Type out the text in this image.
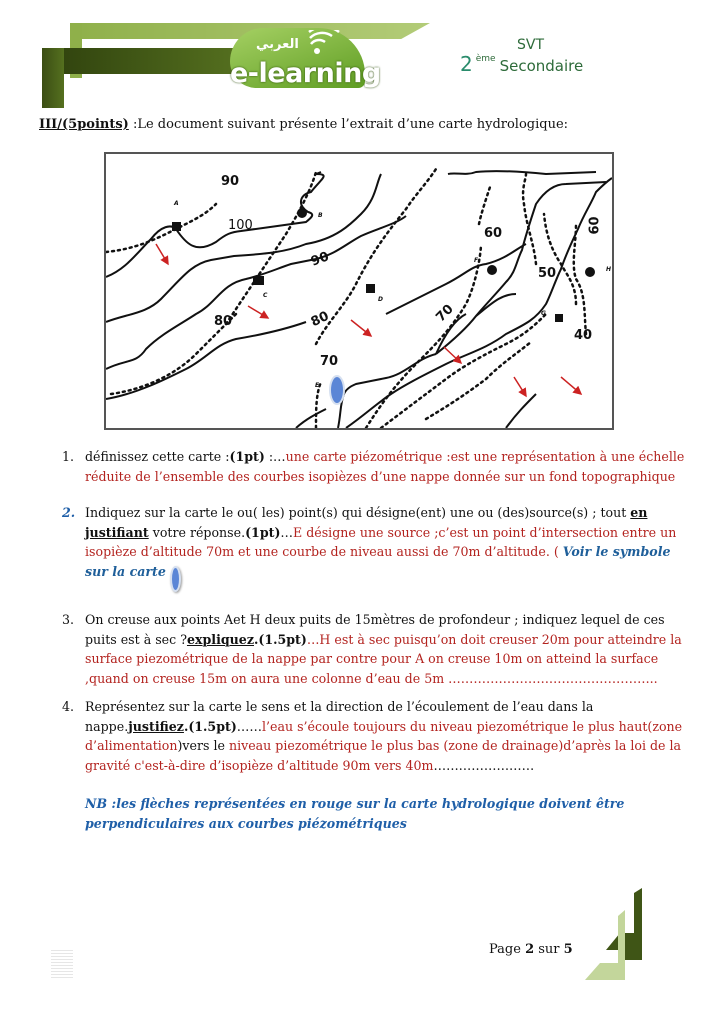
العربي
e-learning
SVT
2 $^{ème}$ Secondaire
III/(5points) :Le document suivant présente l’extrait d’une carte hydrologique:
90
100
90
80	80
70
70
60
50
60
40
A
B
C
D
E
F
G
H
1. définissez cette carte :(1pt) :…une carte piézométrique :est une représentation à une échelle réduite de l’ensemble des courbes isopièzes d’une nappe donnée sur un fond topographique
2. Indiquez sur la carte le ou( les) point(s) qui désigne(ent) une ou (des)source(s) ; tout en justifiant votre réponse.(1pt)…E désigne une source ;c’est un point d’intersection entre un isopièze d’altitude 70m et une courbe de niveau aussi de 70m d’altitude. ( Voir le symbole sur la carte
3. On creuse aux points Aet H deux puits de 15mètres de profondeur ; indiquez lequel de ces puits est à sec ?expliquez.(1.5pt)…H est à sec puisqu’on doit creuser 20m pour atteindre la surface piezométrique de la nappe par contre pour A on creuse 10m on atteind la surface ,quand on creuse 15m on aura une colonne d’eau de 5m …………………………………………..
4. Représentez sur la carte le sens et la direction de l’écoulement de l’eau dans la nappe.justifiez.(1.5pt)……l’eau s’écoule toujours du niveau piezométrique le plus haut(zone d’alimentation)vers le niveau piezométrique le plus bas (zone de drainage)d’après la loi de la gravité c'est-à-dire d’isopièze d’altitude 90m vers 40m……………………
NB :les flèches représentées en rouge sur la carte hydrologique doivent être perpendiculaires aux courbes piézométriques
Page 2 sur 5
